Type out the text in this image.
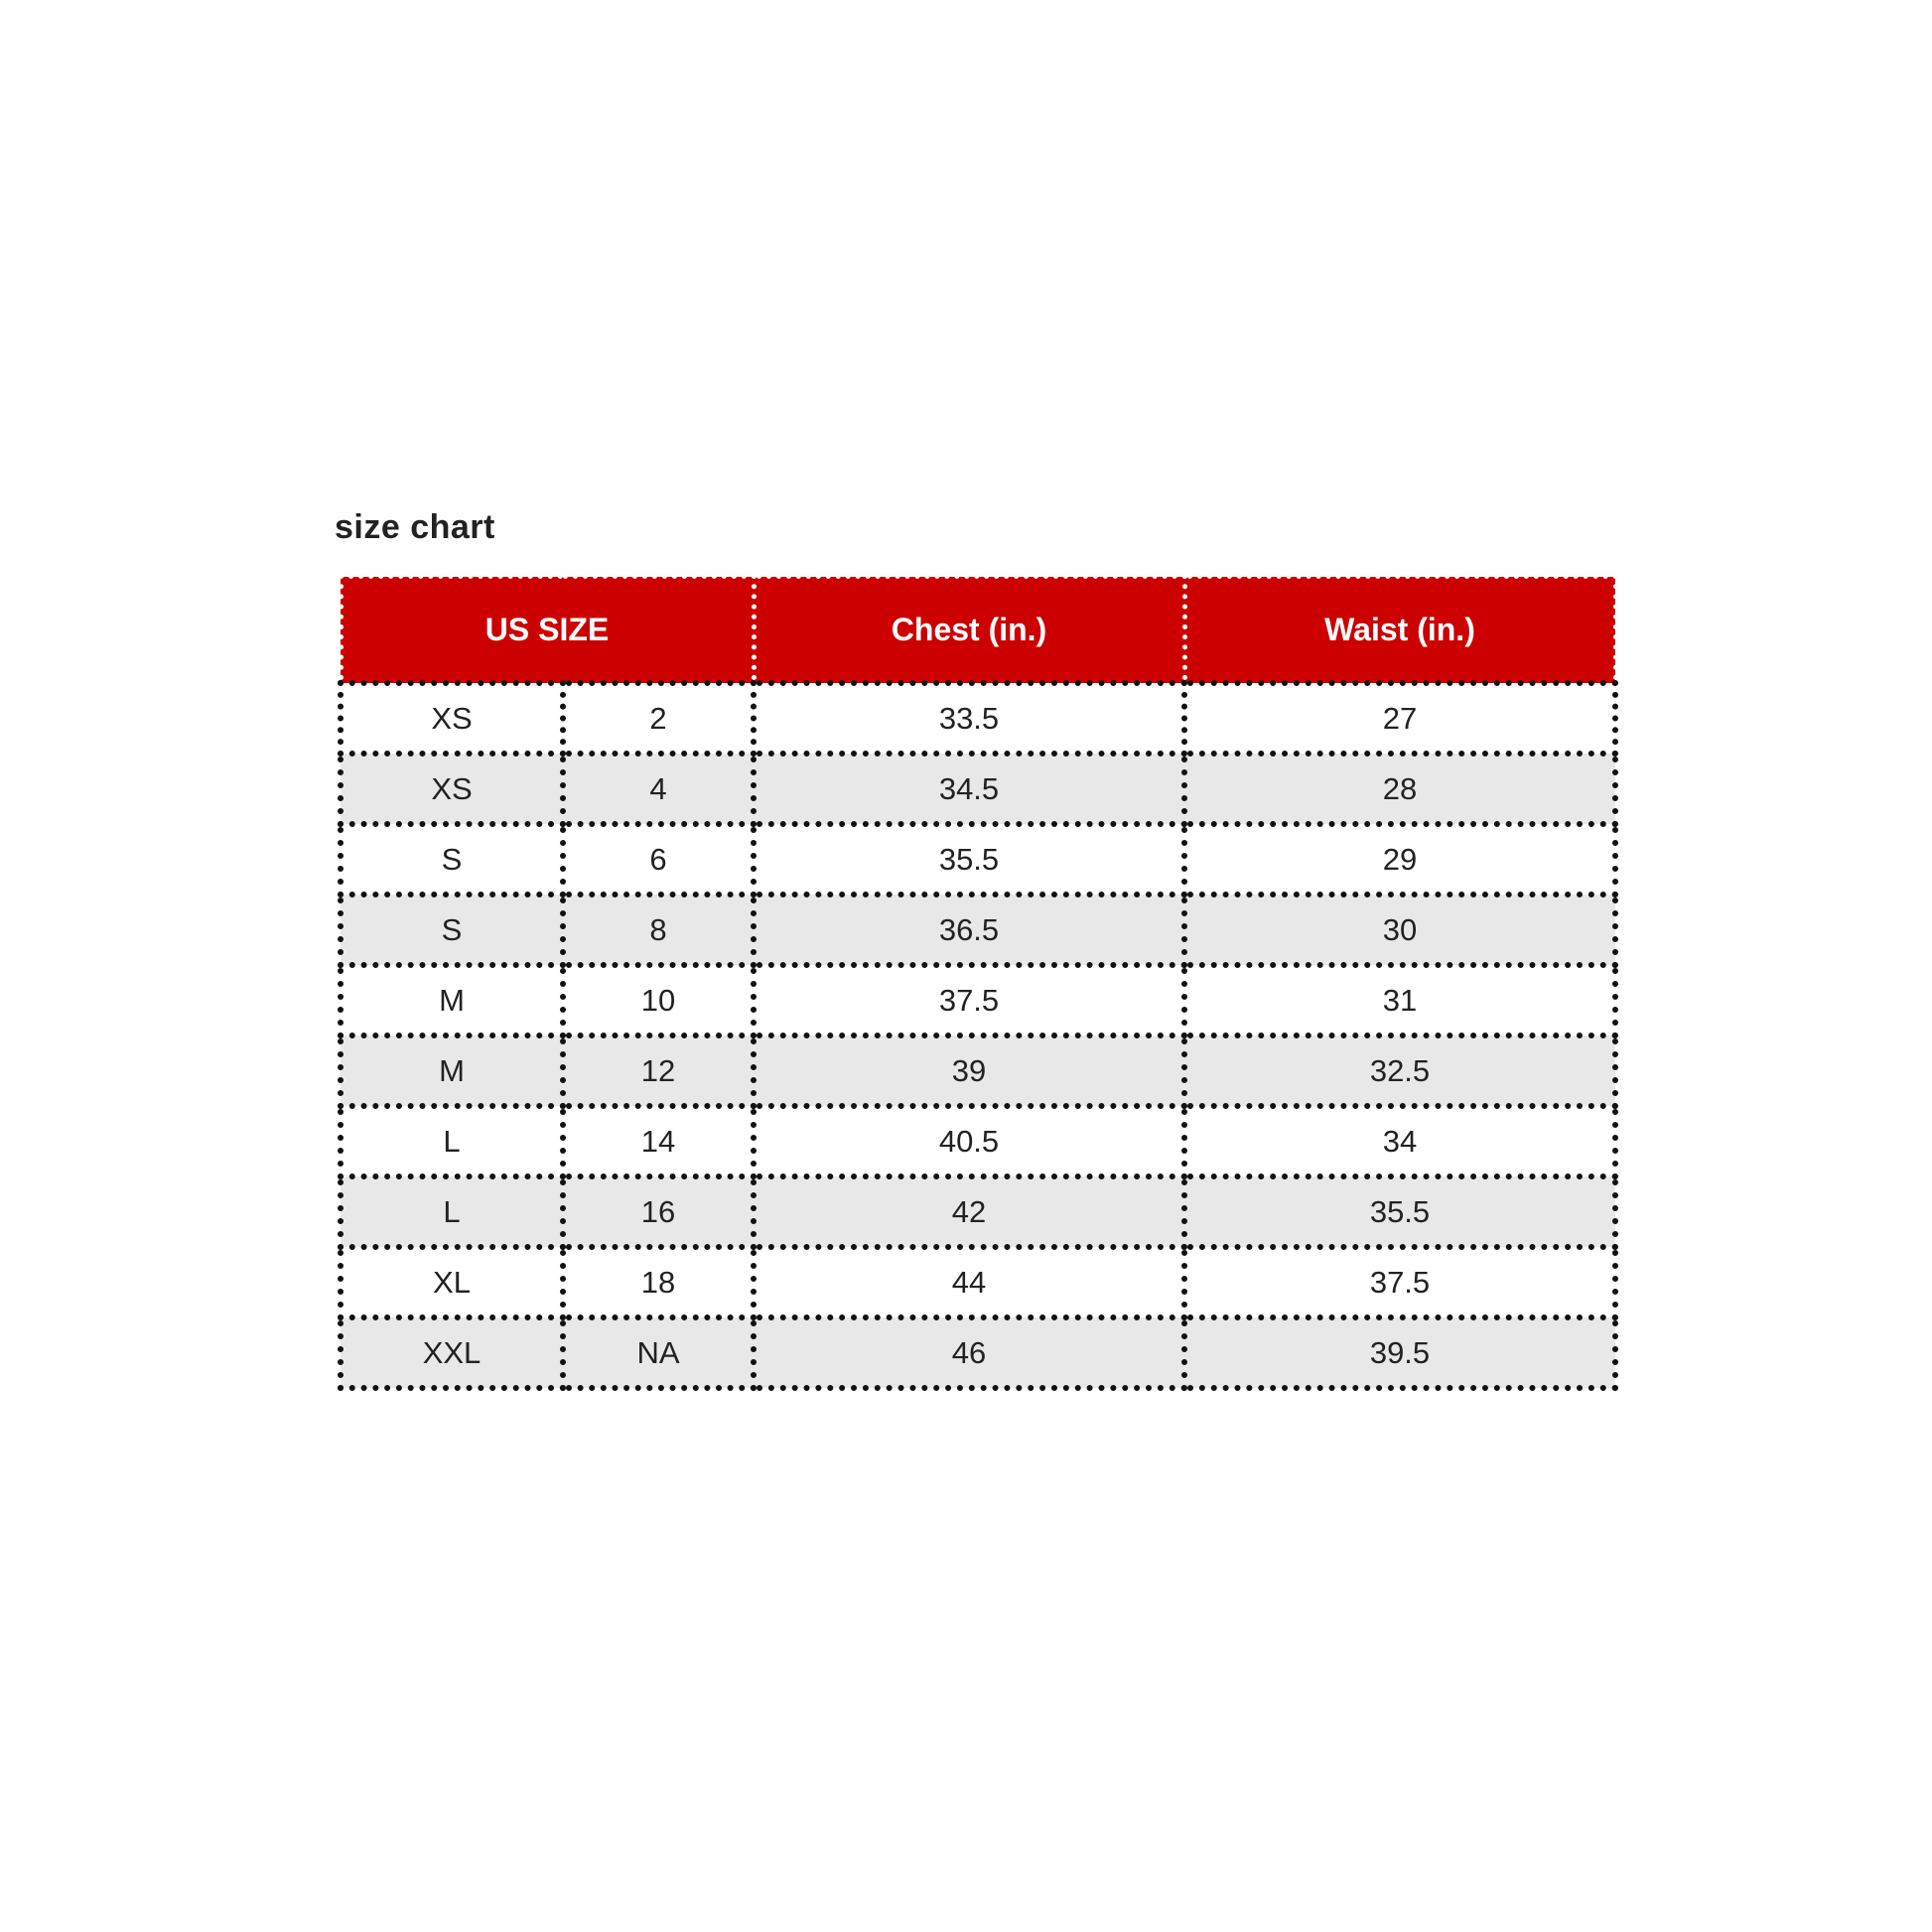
size chart
US SIZE		Chest (in.)	Waist (in.)
XS	2	33.5	27
XS	4	34.5	28
S	6	35.5	29
S	8	36.5	30
M	10	37.5	31
M	12	39	32.5
L	14	40.5	34
L	16	42	35.5
XL	18	44	37.5
XXL	NA	46	39.5
